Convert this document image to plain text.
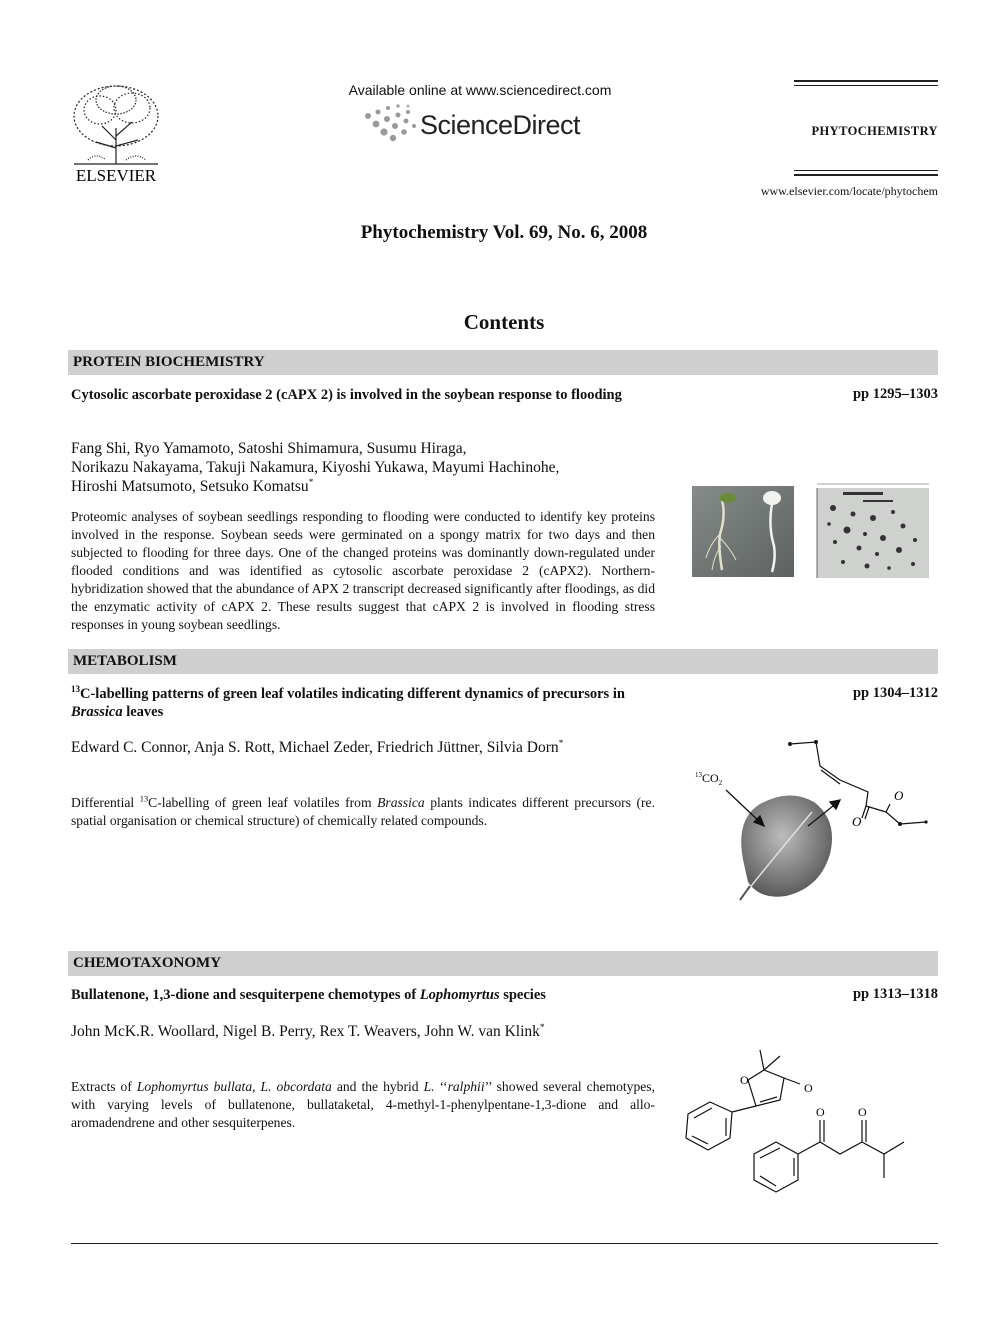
ELSEVIER
Available online at www.sciencedirect.com
ScienceDirect	PHYTOCHEMISTRY
www.elsevier.com/locate/phytochem
Phytochemistry Vol. 69, No. 6, 2008
Contents
PROTEIN BIOCHEMISTRY
Cytosolic ascorbate peroxidase 2 (cAPX 2) is involved in the soybean response to flooding	pp 1295–1303
Fang Shi, Ryo Yamamoto, Satoshi Shimamura, Susumu Hiraga,
Norikazu Nakayama, Takuji Nakamura, Kiyoshi Yukawa, Mayumi Hachinohe,
Hiroshi Matsumoto, Setsuko Komatsu*
Proteomic analyses of soybean seedlings responding to flooding were conducted to identify key proteins involved in the response. Soybean seeds were germinated on a spongy matrix for two days and then subjected to flooding for three days. One of the changed proteins was dominantly down-regulated under flooded conditions and was identified as cytosolic ascorbate peroxidase 2 (cAPX2). Northern-hybridization showed that the abundance of APX 2 transcript decreased significantly after floodings, as did the enzymatic activity of cAPX 2. These results suggest that cAPX 2 is involved in flooding stress responses in young soybean seedlings.
METABOLISM
$^{13}$C-labelling patterns of green leaf volatiles indicating different dynamics of precursors in Brassica leaves
pp 1304–1312
Edward C. Connor, Anja S. Rott, Michael Zeder, Friedrich Jüttner, Silvia Dorn*
Differential $^{13}$C-labelling of green leaf volatiles from Brassica plants indicates different precursors (re. spatial organisation or chemical structure) of chemically related compounds.
$^{13}CO_2$
O
O
CHEMOTAXONOMY
Bullatenone, 1,3-dione and sesquiterpene chemotypes of Lophomyrtus species	pp 1313–1318
John McK.R. Woollard, Nigel B. Perry, Rex T. Weavers, John W. van Klink*
Extracts of Lophomyrtus bullata, L. obcordata and the hybrid L. ‘‘ralphii’’ showed several chemotypes, with varying levels of bullatenone, bullataketal, 4-methyl-1-phenylpentane-1,3-dione and allo-aromadendrene and other sesquiterpenes.
O
O
O	O
